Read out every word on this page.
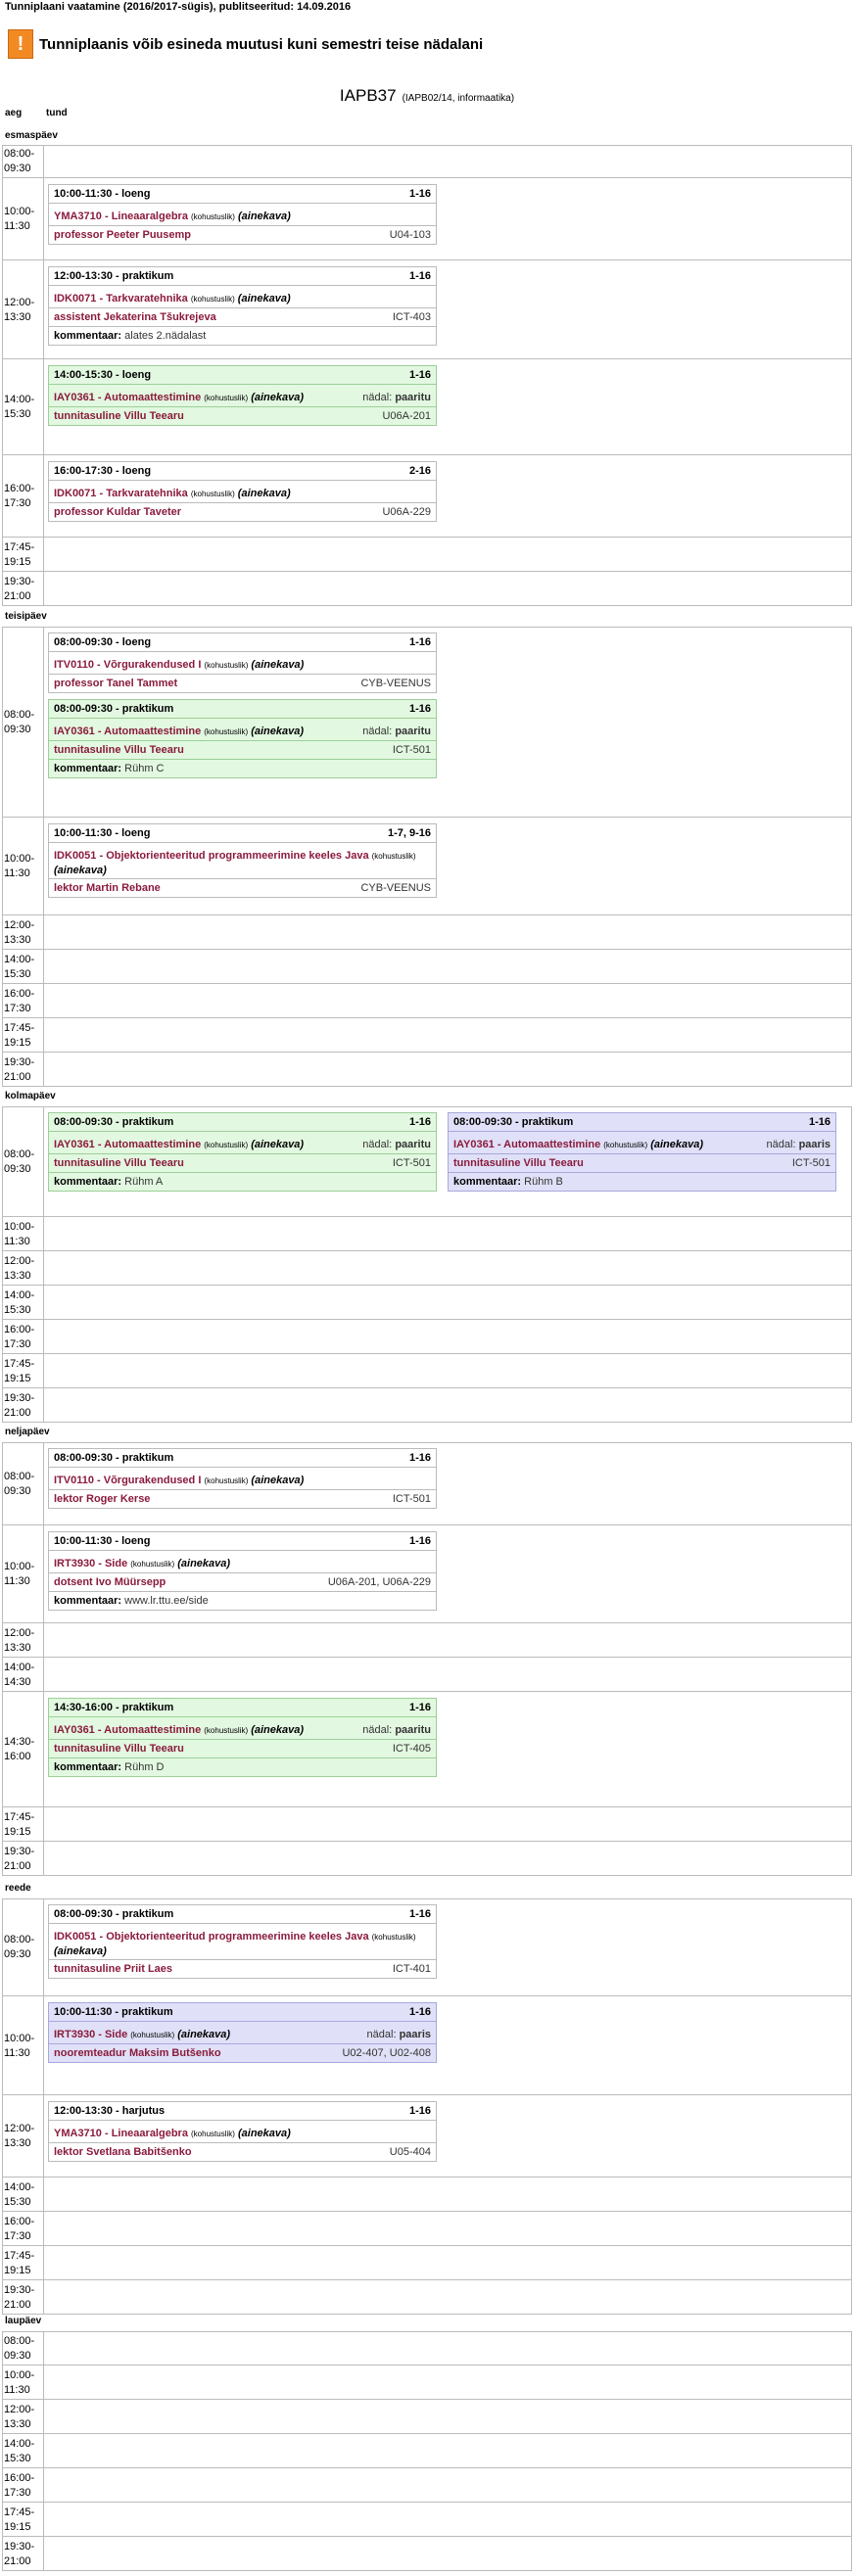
Tunniplaani vaatamine (2016/2017-sügis), publitseeritud: 14.09.2016
!	Tunniplaanis võib esineda muutusi kuni semestri teise nädalani
IAPB37 (IAPB02/14, informaatika)
aeg tund
esmaspäev
08:00-
09:30
10:00-
11:30
10:00-11:30 - loeng	1-16
YMA3710 - Lineaaralgebra (kohustuslik) (ainekava)
professor Peeter Puusemp	U04-103
12:00-
13:30
12:00-13:30 - praktikum	1-16
IDK0071 - Tarkvaratehnika (kohustuslik) (ainekava)
assistent Jekaterina Tšukrejeva	ICT-403
kommentaar: alates 2.nädalast
14:00-
15:30
14:00-15:30 - loeng	1-16
IAY0361 - Automaattestimine (kohustuslik) (ainekava)	nädal: paaritu
tunnitasuline Villu Teearu	U06A-201
16:00-
17:30
16:00-17:30 - loeng	2-16
IDK0071 - Tarkvaratehnika (kohustuslik) (ainekava)
professor Kuldar Taveter	U06A-229
17:45-
19:15
19:30-
21:00
teisipäev
08:00-
09:30
08:00-09:30 - loeng	1-16
ITV0110 - Võrgurakendused I (kohustuslik) (ainekava)
professor Tanel Tammet	CYB-VEENUS
08:00-09:30 - praktikum	1-16
IAY0361 - Automaattestimine (kohustuslik) (ainekava)	nädal: paaritu
tunnitasuline Villu Teearu	ICT-501
kommentaar: Rühm C
10:00-
11:30
10:00-11:30 - loeng	1-7, 9-16
IDK0051 - Objektorienteeritud programmeerimine keeles Java (kohustuslik) (ainekava)
lektor Martin Rebane	CYB-VEENUS
12:00-
13:30
14:00-
15:30
16:00-
17:30
17:45-
19:15
19:30-
21:00
kolmapäev
08:00-
09:30
08:00-09:30 - praktikum	1-16
IAY0361 - Automaattestimine (kohustuslik) (ainekava)	nädal: paaritu
tunnitasuline Villu Teearu	ICT-501
kommentaar: Rühm A
08:00-09:30 - praktikum	1-16
IAY0361 - Automaattestimine (kohustuslik) (ainekava)	nädal: paaris
tunnitasuline Villu Teearu	ICT-501
kommentaar: Rühm B
10:00-
11:30
12:00-
13:30
14:00-
15:30
16:00-
17:30
17:45-
19:15
19:30-
21:00
neljapäev
08:00-
09:30
08:00-09:30 - praktikum	1-16
ITV0110 - Võrgurakendused I (kohustuslik) (ainekava)
lektor Roger Kerse	ICT-501
10:00-
11:30
10:00-11:30 - loeng	1-16
IRT3930 - Side (kohustuslik) (ainekava)
dotsent Ivo Müürsepp	U06A-201, U06A-229
kommentaar: www.lr.ttu.ee/side
12:00-
13:30
14:00-
14:30
14:30-
16:00
14:30-16:00 - praktikum	1-16
IAY0361 - Automaattestimine (kohustuslik) (ainekava)	nädal: paaritu
tunnitasuline Villu Teearu	ICT-405
kommentaar: Rühm D
17:45-
19:15
19:30-
21:00
reede
08:00-
09:30
08:00-09:30 - praktikum	1-16
IDK0051 - Objektorienteeritud programmeerimine keeles Java (kohustuslik) (ainekava)
tunnitasuline Priit Laes	ICT-401
10:00-
11:30
10:00-11:30 - praktikum	1-16
IRT3930 - Side (kohustuslik) (ainekava)	nädal: paaris
nooremteadur Maksim Butšenko	U02-407, U02-408
12:00-
13:30
12:00-13:30 - harjutus	1-16
YMA3710 - Lineaaralgebra (kohustuslik) (ainekava)
lektor Svetlana Babitšenko	U05-404
14:00-
15:30
16:00-
17:30
17:45-
19:15
19:30-
21:00
laupäev
08:00-
09:30
10:00-
11:30
12:00-
13:30
14:00-
15:30
16:00-
17:30
17:45-
19:15
19:30-
21:00
